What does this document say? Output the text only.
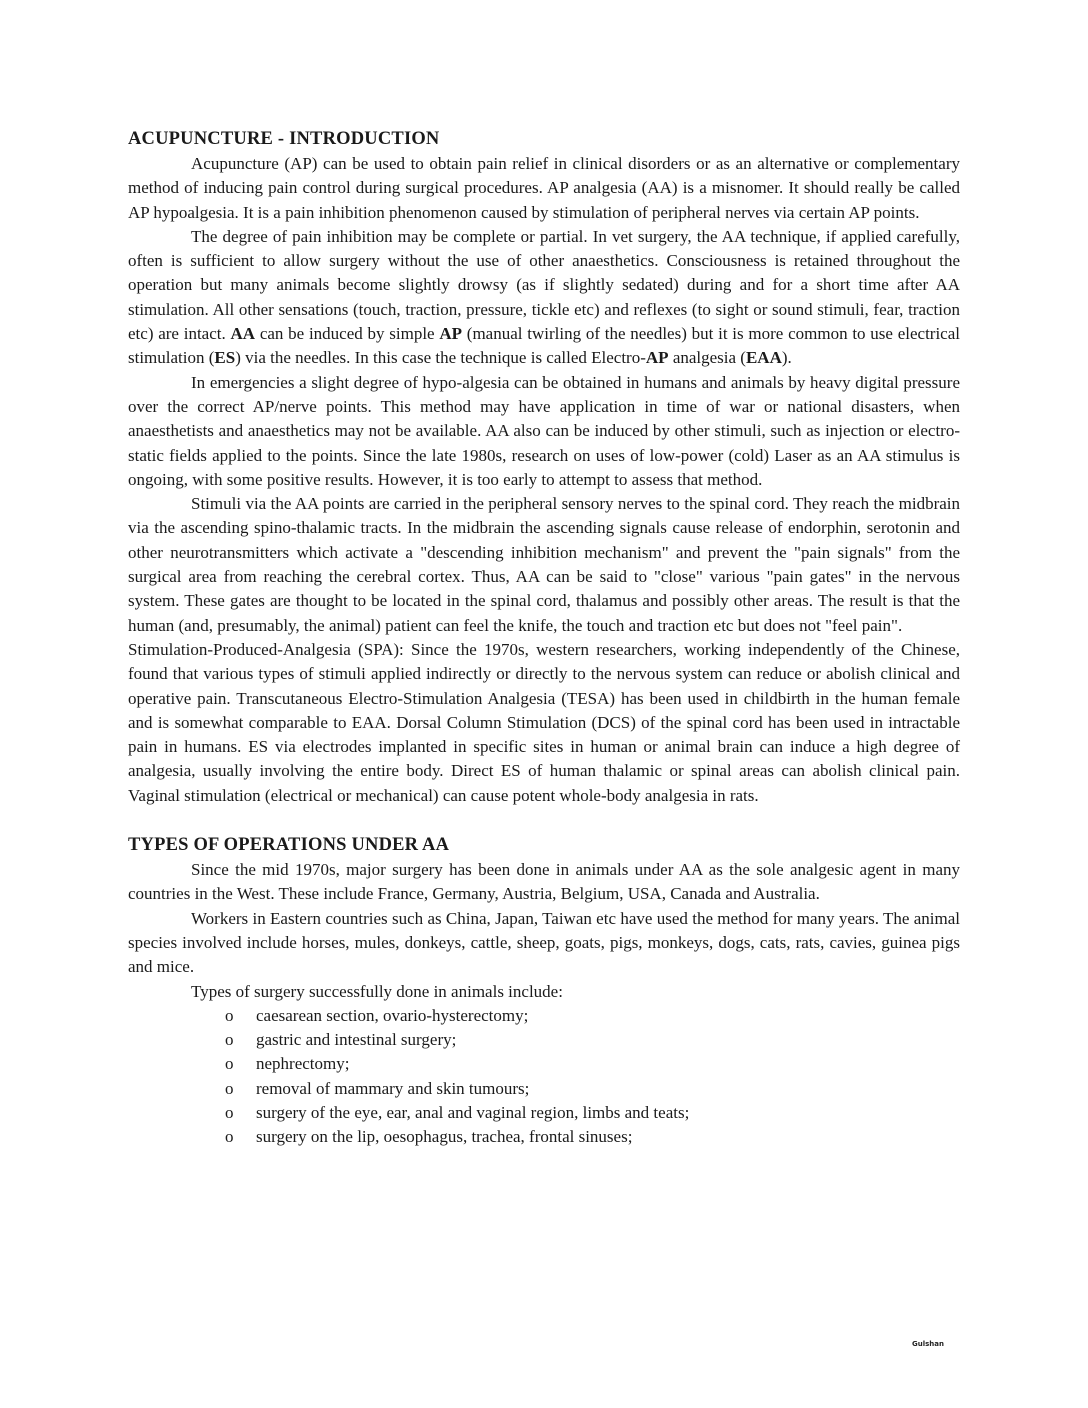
ACUPUNCTURE - INTRODUCTION

Acupuncture (AP) can be used to obtain pain relief in clinical disorders or as an alternative or complementary method of inducing pain control during surgical procedures. AP analgesia (AA) is a misnomer. It should really be called AP hypoalgesia. It is a pain inhibition phenomenon caused by stimulation of peripheral nerves via certain AP points.

The degree of pain inhibition may be complete or partial. In vet surgery, the AA technique, if applied carefully, often is sufficient to allow surgery without the use of other anaesthetics. Consciousness is retained throughout the operation but many animals become slightly drowsy (as if slightly sedated) during and for a short time after AA stimulation. All other sensations (touch, traction, pressure, tickle etc) and reflexes (to sight or sound stimuli, fear, traction etc) are intact. AA can be induced by simple AP (manual twirling of the needles) but it is more common to use electrical stimulation (ES) via the needles. In this case the technique is called Electro-AP analgesia (EAA).

In emergencies a slight degree of hypo-algesia can be obtained in humans and animals by heavy digital pressure over the correct AP/nerve points. This method may have application in time of war or national disasters, when anaesthetists and anaesthetics may not be available. AA also can be induced by other stimuli, such as injection or electro-static fields applied to the points. Since the late 1980s, research on uses of low-power (cold) Laser as an AA stimulus is ongoing, with some positive results. However, it is too early to attempt to assess that method.

Stimuli via the AA points are carried in the peripheral sensory nerves to the spinal cord. They reach the midbrain via the ascending spino-thalamic tracts. In the midbrain the ascending signals cause release of endorphin, serotonin and other neurotransmitters which activate a "descending inhibition mechanism" and prevent the "pain signals" from the surgical area from reaching the cerebral cortex. Thus, AA can be said to "close" various "pain gates" in the nervous system. These gates are thought to be located in the spinal cord, thalamus and possibly other areas. The result is that the human (and, presumably, the animal) patient can feel the knife, the touch and traction etc but does not "feel pain".

Stimulation-Produced-Analgesia (SPA): Since the 1970s, western researchers, working independently of the Chinese, found that various types of stimuli applied indirectly or directly to the nervous system can reduce or abolish clinical and operative pain. Transcutaneous Electro-Stimulation Analgesia (TESA) has been used in childbirth in the human female and is somewhat comparable to EAA. Dorsal Column Stimulation (DCS) of the spinal cord has been used in intractable pain in humans. ES via electrodes implanted in specific sites in human or animal brain can induce a high degree of analgesia, usually involving the entire body. Direct ES of human thalamic or spinal areas can abolish clinical pain. Vaginal stimulation (electrical or mechanical) can cause potent whole-body analgesia in rats.

TYPES OF OPERATIONS UNDER AA

Since the mid 1970s, major surgery has been done in animals under AA as the sole analgesic agent in many countries in the West. These include France, Germany, Austria, Belgium, USA, Canada and Australia.

Workers in Eastern countries such as China, Japan, Taiwan etc have used the method for many years. The animal species involved include horses, mules, donkeys, cattle, sheep, goats, pigs, monkeys, dogs, cats, rats, cavies, guinea pigs and mice.

Types of surgery successfully done in animals include:

o caesarean section, ovario-hysterectomy;
o gastric and intestinal surgery;
o nephrectomy;
o removal of mammary and skin tumours;
o surgery of the eye, ear, anal and vaginal region, limbs and teats;
o surgery on the lip, oesophagus, trachea, frontal sinuses;
Gulshan
